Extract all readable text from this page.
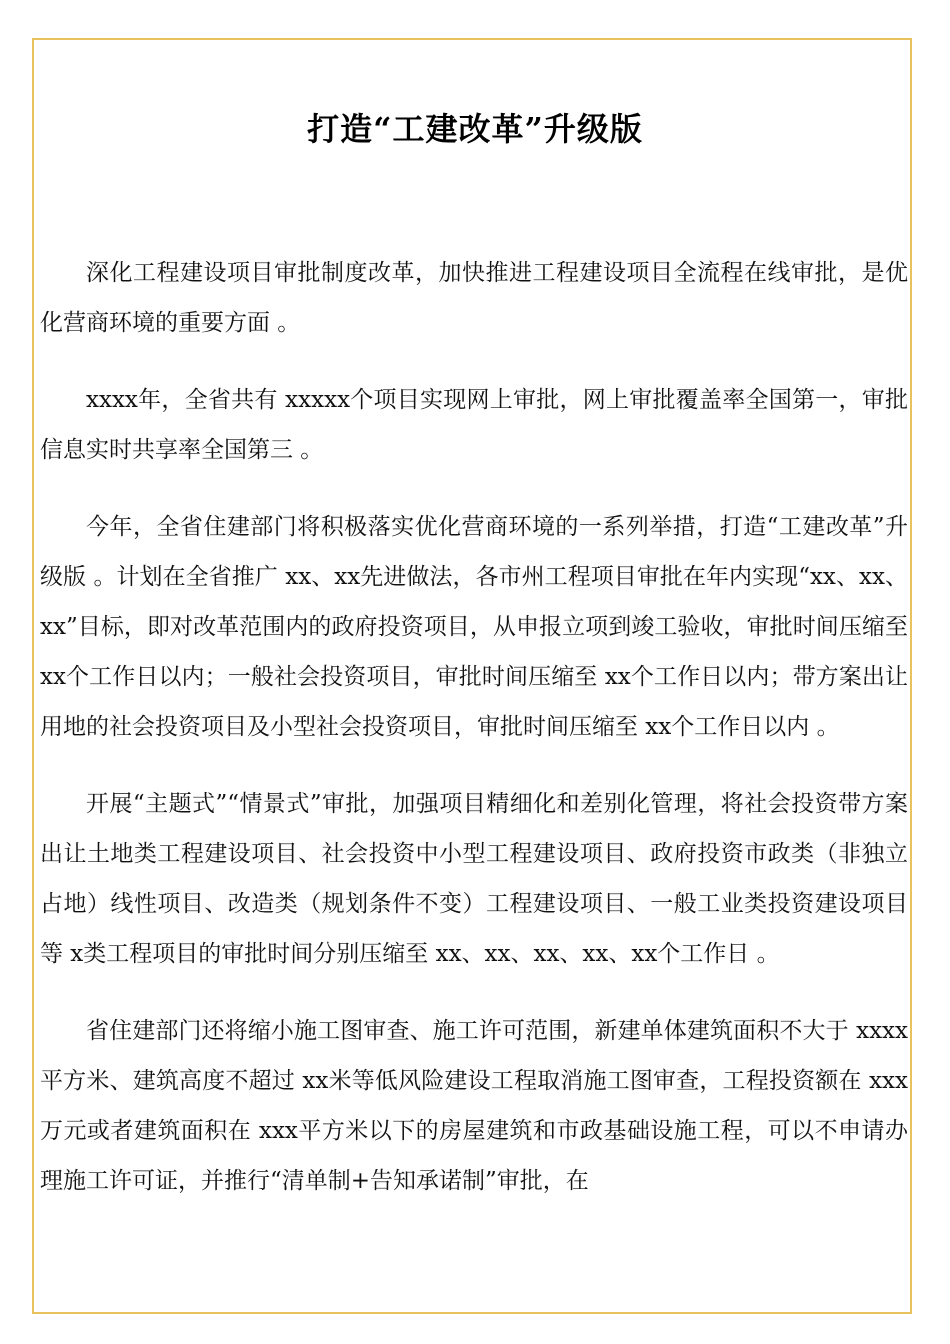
打造“工建改革”升级版

深化工程建设项目审批制度改革，加快推进工程建设项目全流程在线审批，是优化营商环境的重要方面 。

xxxx年，全省共有 xxxxx个项目实现网上审批，网上审批覆盖率全国第一，审批信息实时共享率全国第三 。

今年，全省住建部门将积极落实优化营商环境的一系列举措，打造“工建改革”升级版 。计划在全省推广 xx、xx先进做法，各市州工程项目审批在年内实现“xx、xx、xx”目标，即对改革范围内的政府投资项目，从申报立项到竣工验收，审批时间压缩至 xx个工作日以内；一般社会投资项目，审批时间压缩至 xx个工作日以内；带方案出让用地的社会投资项目及小型社会投资项目，审批时间压缩至 xx个工作日以内 。

开展“主题式”“情景式”审批，加强项目精细化和差别化管理，将社会投资带方案出让土地类工程建设项目、社会投资中小型工程建设项目、政府投资市政类（非独立占地）线性项目、改造类（规划条件不变）工程建设项目、一般工业类投资建设项目等 x类工程项目的审批时间分别压缩至 xx、xx、xx、xx、xx个工作日 。

省住建部门还将缩小施工图审查、施工许可范围，新建单体建筑面积不大于 xxxx平方米、建筑高度不超过 xx米等低风险建设工程取消施工图审查，工程投资额在 xxx万元或者建筑面积在 xxx平方米以下的房屋建筑和市政基础设施工程，可以不申请办理施工许可证，并推行“清单制+告知承诺制”审批，在
